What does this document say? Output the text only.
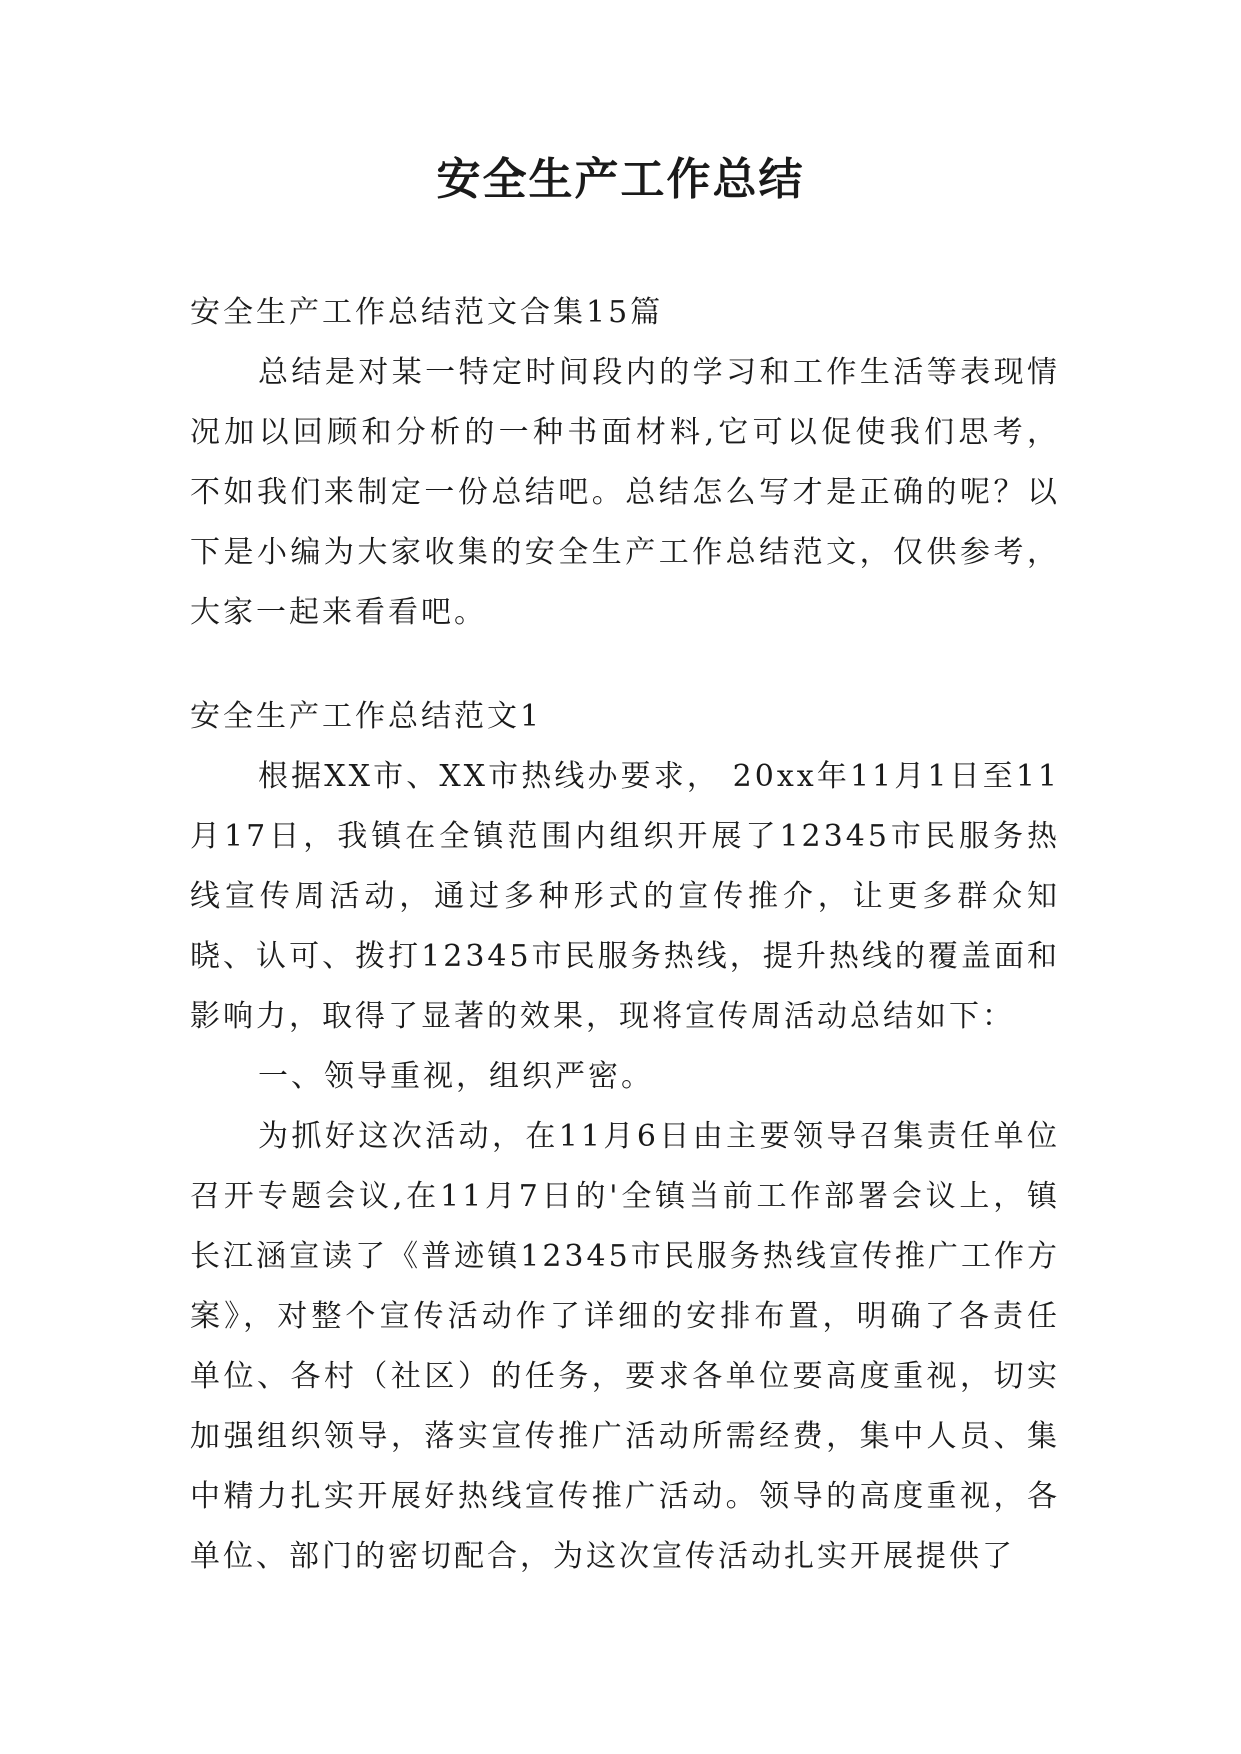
安全生产工作总结

安全生产工作总结范文合集15篇

总结是对某一特定时间段内的学习和工作生活等表现情况加以回顾和分析的一种书面材料,它可以促使我们思考，不如我们来制定一份总结吧。总结怎么写才是正确的呢？以下是小编为大家收集的安全生产工作总结范文，仅供参考，大家一起来看看吧。

安全生产工作总结范文1

根据XX市、XX市热线办要求， 20xx年11月1日至11月17日，我镇在全镇范围内组织开展了12345市民服务热线宣传周活动，通过多种形式的宣传推介，让更多群众知晓、认可、拨打12345市民服务热线，提升热线的覆盖面和影响力，取得了显著的效果，现将宣传周活动总结如下：

一、领导重视，组织严密。

为抓好这次活动，在11月6日由主要领导召集责任单位召开专题会议,在11月7日的'全镇当前工作部署会议上，镇长江涵宣读了《普迹镇12345市民服务热线宣传推广工作方案》，对整个宣传活动作了详细的安排布置，明确了各责任单位、各村（社区）的任务，要求各单位要高度重视，切实加强组织领导，落实宣传推广活动所需经费，集中人员、集中精力扎实开展好热线宣传推广活动。领导的高度重视，各单位、部门的密切配合，为这次宣传活动扎实开展提供了
